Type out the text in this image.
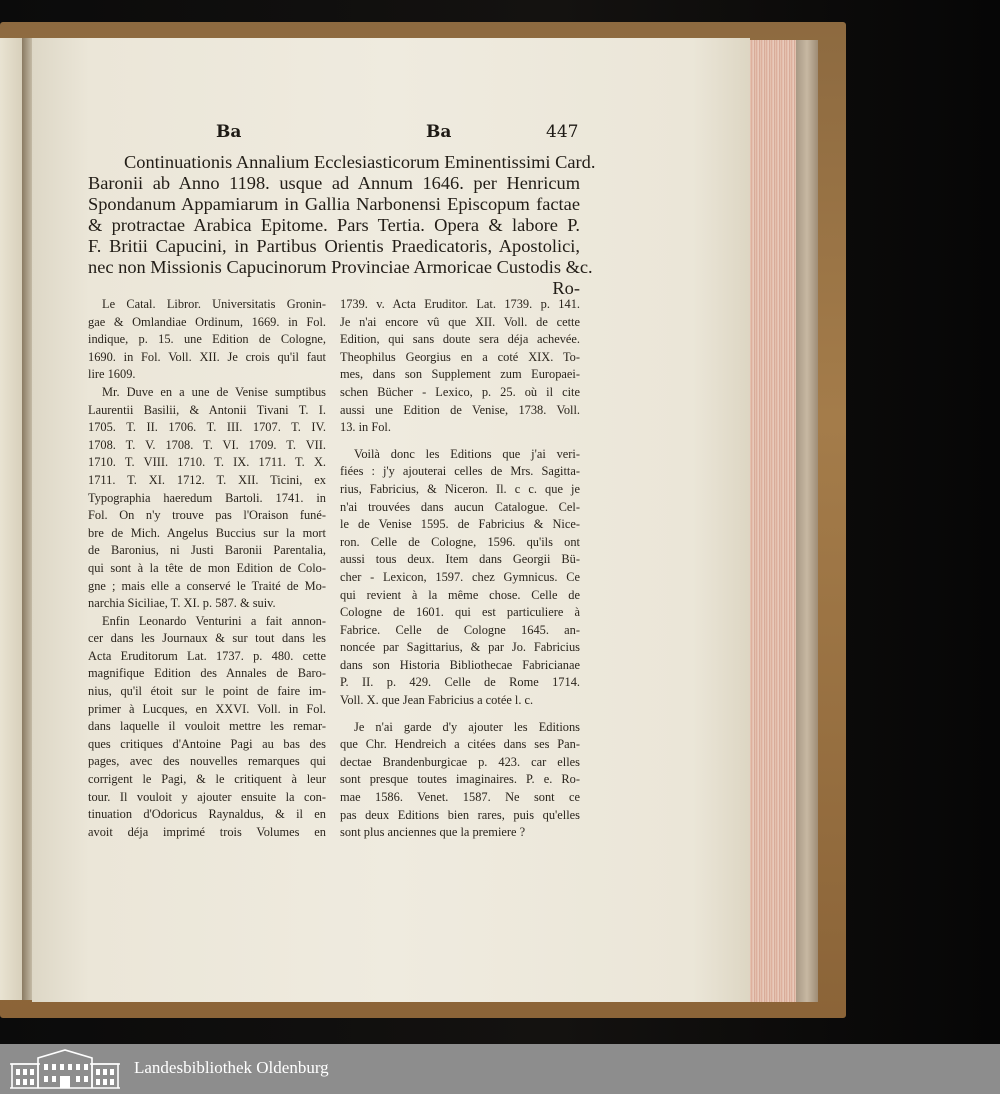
Ba	Ba	447
Continuationis Annalium Ecclesiasticorum Eminentissimi Card.
Baronii ab Anno 1198. usque ad Annum 1646. per Henricum
Spondanum Appamiarum in Gallia Narbonensi Episcopum factae
& protractae Arabica Epitome. Pars Tertia. Opera & labore P.
F. Britii Capucini, in Partibus Orientis Praedicatoris, Apostolici,
nec non Missionis Capucinorum Provinciae Armoricae Custodis &c.
Ro-
Le Catal. Libror. Universitatis Gronin-
gae & Omlandiae Ordinum, 1669. in Fol.
indique, p. 15. une Edition de Cologne,
1690. in Fol. Voll. XII. Je crois qu'il faut
lire 1609.
Mr. Duve en a une de Venise sumptibus
Laurentii Basilii, & Antonii Tivani T. I.
1705. T. II. 1706. T. III. 1707. T. IV.
1708. T. V. 1708. T. VI. 1709. T. VII.
1710. T. VIII. 1710. T. IX. 1711. T. X.
1711. T. XI. 1712. T. XII. Ticini, ex
Typographia haeredum Bartoli. 1741. in
Fol. On n'y trouve pas l'Oraison funé-
bre de Mich. Angelus Buccius sur la mort
de Baronius, ni Justi Baronii Parentalia,
qui sont à la tête de mon Edition de Colo-
gne ; mais elle a conservé le Traité de Mo-
narchia Siciliae, T. XI. p. 587. & suiv.
Enfin Leonardo Venturini a fait annon-
cer dans les Journaux & sur tout dans les
Acta Eruditorum Lat. 1737. p. 480. cette
magnifique Edition des Annales de Baro-
nius, qu'il étoit sur le point de faire im-
primer à Lucques, en XXVI. Voll. in Fol.
dans laquelle il vouloit mettre les remar-
ques critiques d'Antoine Pagi au bas des
pages, avec des nouvelles remarques qui
corrigent le Pagi, & le critiquent à leur
tour. Il vouloit y ajouter ensuite la con-
tinuation d'Odoricus Raynaldus, & il en
avoit déja imprimé trois Volumes en
1739. v. Acta Eruditor. Lat. 1739. p. 141.
Je n'ai encore vû que XII. Voll. de cette
Edition, qui sans doute sera déja achevée.
Theophilus Georgius en a coté XIX. To-
mes, dans son Supplement zum Europaei-
schen Bücher - Lexico, p. 25. où il cite
aussi une Edition de Venise, 1738. Voll.
13. in Fol.
Voilà donc les Editions que j'ai veri-
fiées : j'y ajouterai celles de Mrs. Sagitta-
rius, Fabricius, & Niceron. Il. c c. que je
n'ai trouvées dans aucun Catalogue. Cel-
le de Venise 1595. de Fabricius & Nice-
ron. Celle de Cologne, 1596. qu'ils ont
aussi tous deux. Item dans Georgii Bü-
cher - Lexicon, 1597. chez Gymnicus. Ce
qui revient à la même chose. Celle de
Cologne de 1601. qui est particuliere à
Fabrice. Celle de Cologne 1645. an-
noncée par Sagittarius, & par Jo. Fabricius
dans son Historia Bibliothecae Fabricianae
P. II. p. 429. Celle de Rome 1714.
Voll. X. que Jean Fabricius a cotée l. c.
Je n'ai garde d'y ajouter les Editions
que Chr. Hendreich a citées dans ses Pan-
dectae Brandenburgicae p. 423. car elles
sont presque toutes imaginaires. P. e. Ro-
mae 1586. Venet. 1587. Ne sont ce
pas deux Editions bien rares, puis qu'elles
sont plus anciennes que la premiere ?
Landesbibliothek Oldenburg
